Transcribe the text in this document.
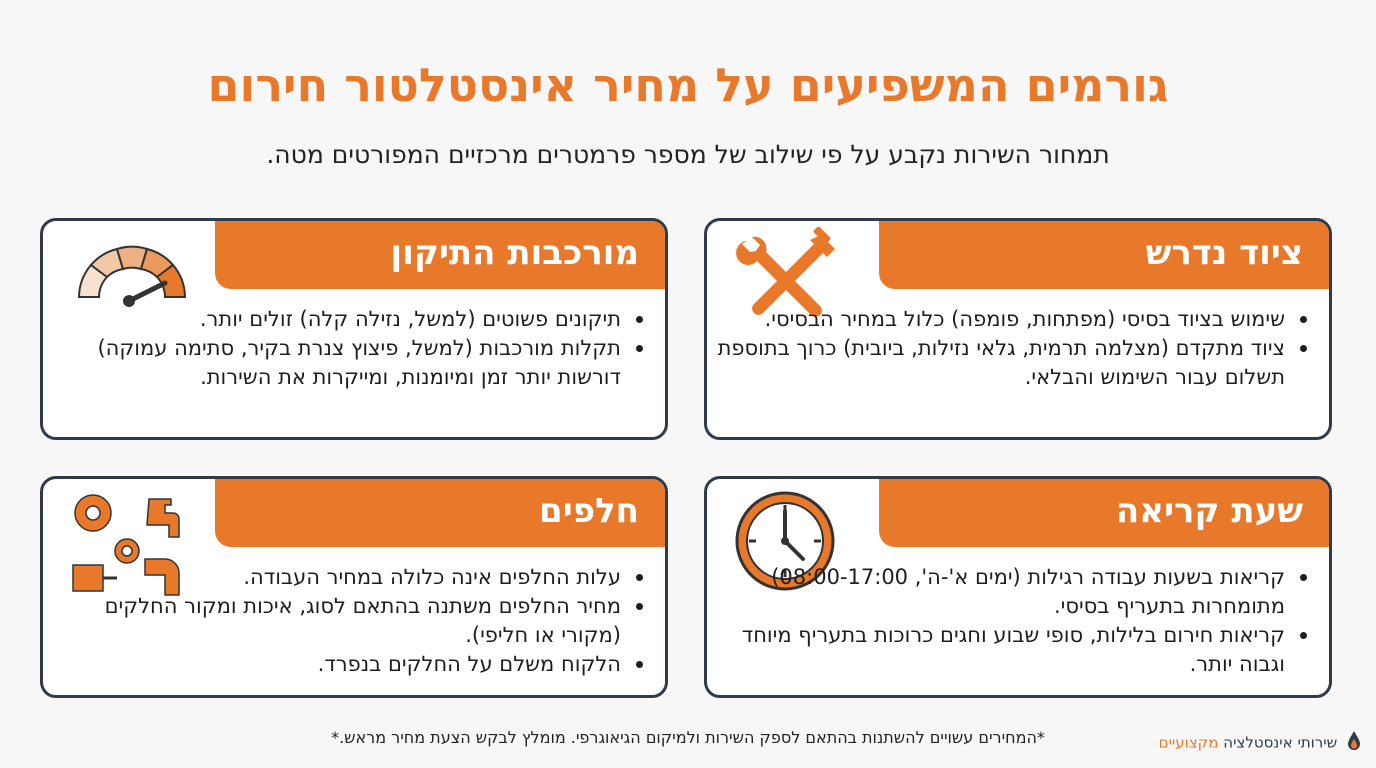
גורמים המשפיעים על מחיר אינסטלטור חירום

תמחור השירות נקבע על פי שילוב של מספר פרמטרים מרכזיים המפורטים מטה.

ציוד נדרש
שימוש בציוד בסיסי (מפתחות, פומפה) כלול במחיר הבסיסי.
ציוד מתקדם (מצלמה תרמית, גלאי נזילות, ביובית) כרוך בתוספת תשלום עבור השימוש והבלאי.
מורכבות התיקון
תיקונים פשוטים (למשל, נזילה קלה) זולים יותר.
תקלות מורכבות (למשל, פיצוץ צנרת בקיר, סתימה עמוקה) דורשות יותר זמן ומיומנות, ומייקרות את השירות.
שעת קריאה
קריאות בשעות עבודה רגילות (ימים א'-ה', 08:00-17:00) מתומחרות בתעריף בסיסי.
קריאות חירום בלילות, סופי שבוע וחגים כרוכות בתעריף מיוחד וגבוה יותר.
חלפים
עלות החלפים אינה כלולה במחיר העבודה.
מחיר החלפים משתנה בהתאם לסוג, איכות ומקור החלקים (מקורי או חליפי).
הלקוח משלם על החלקים בנפרד.
*המחירים עשויים להשתנות בהתאם לספק השירות ולמיקום הגיאוגרפי. מומלץ לבקש הצעת מחיר מראש.*	שירותי אינסטלציה מקצועיים
